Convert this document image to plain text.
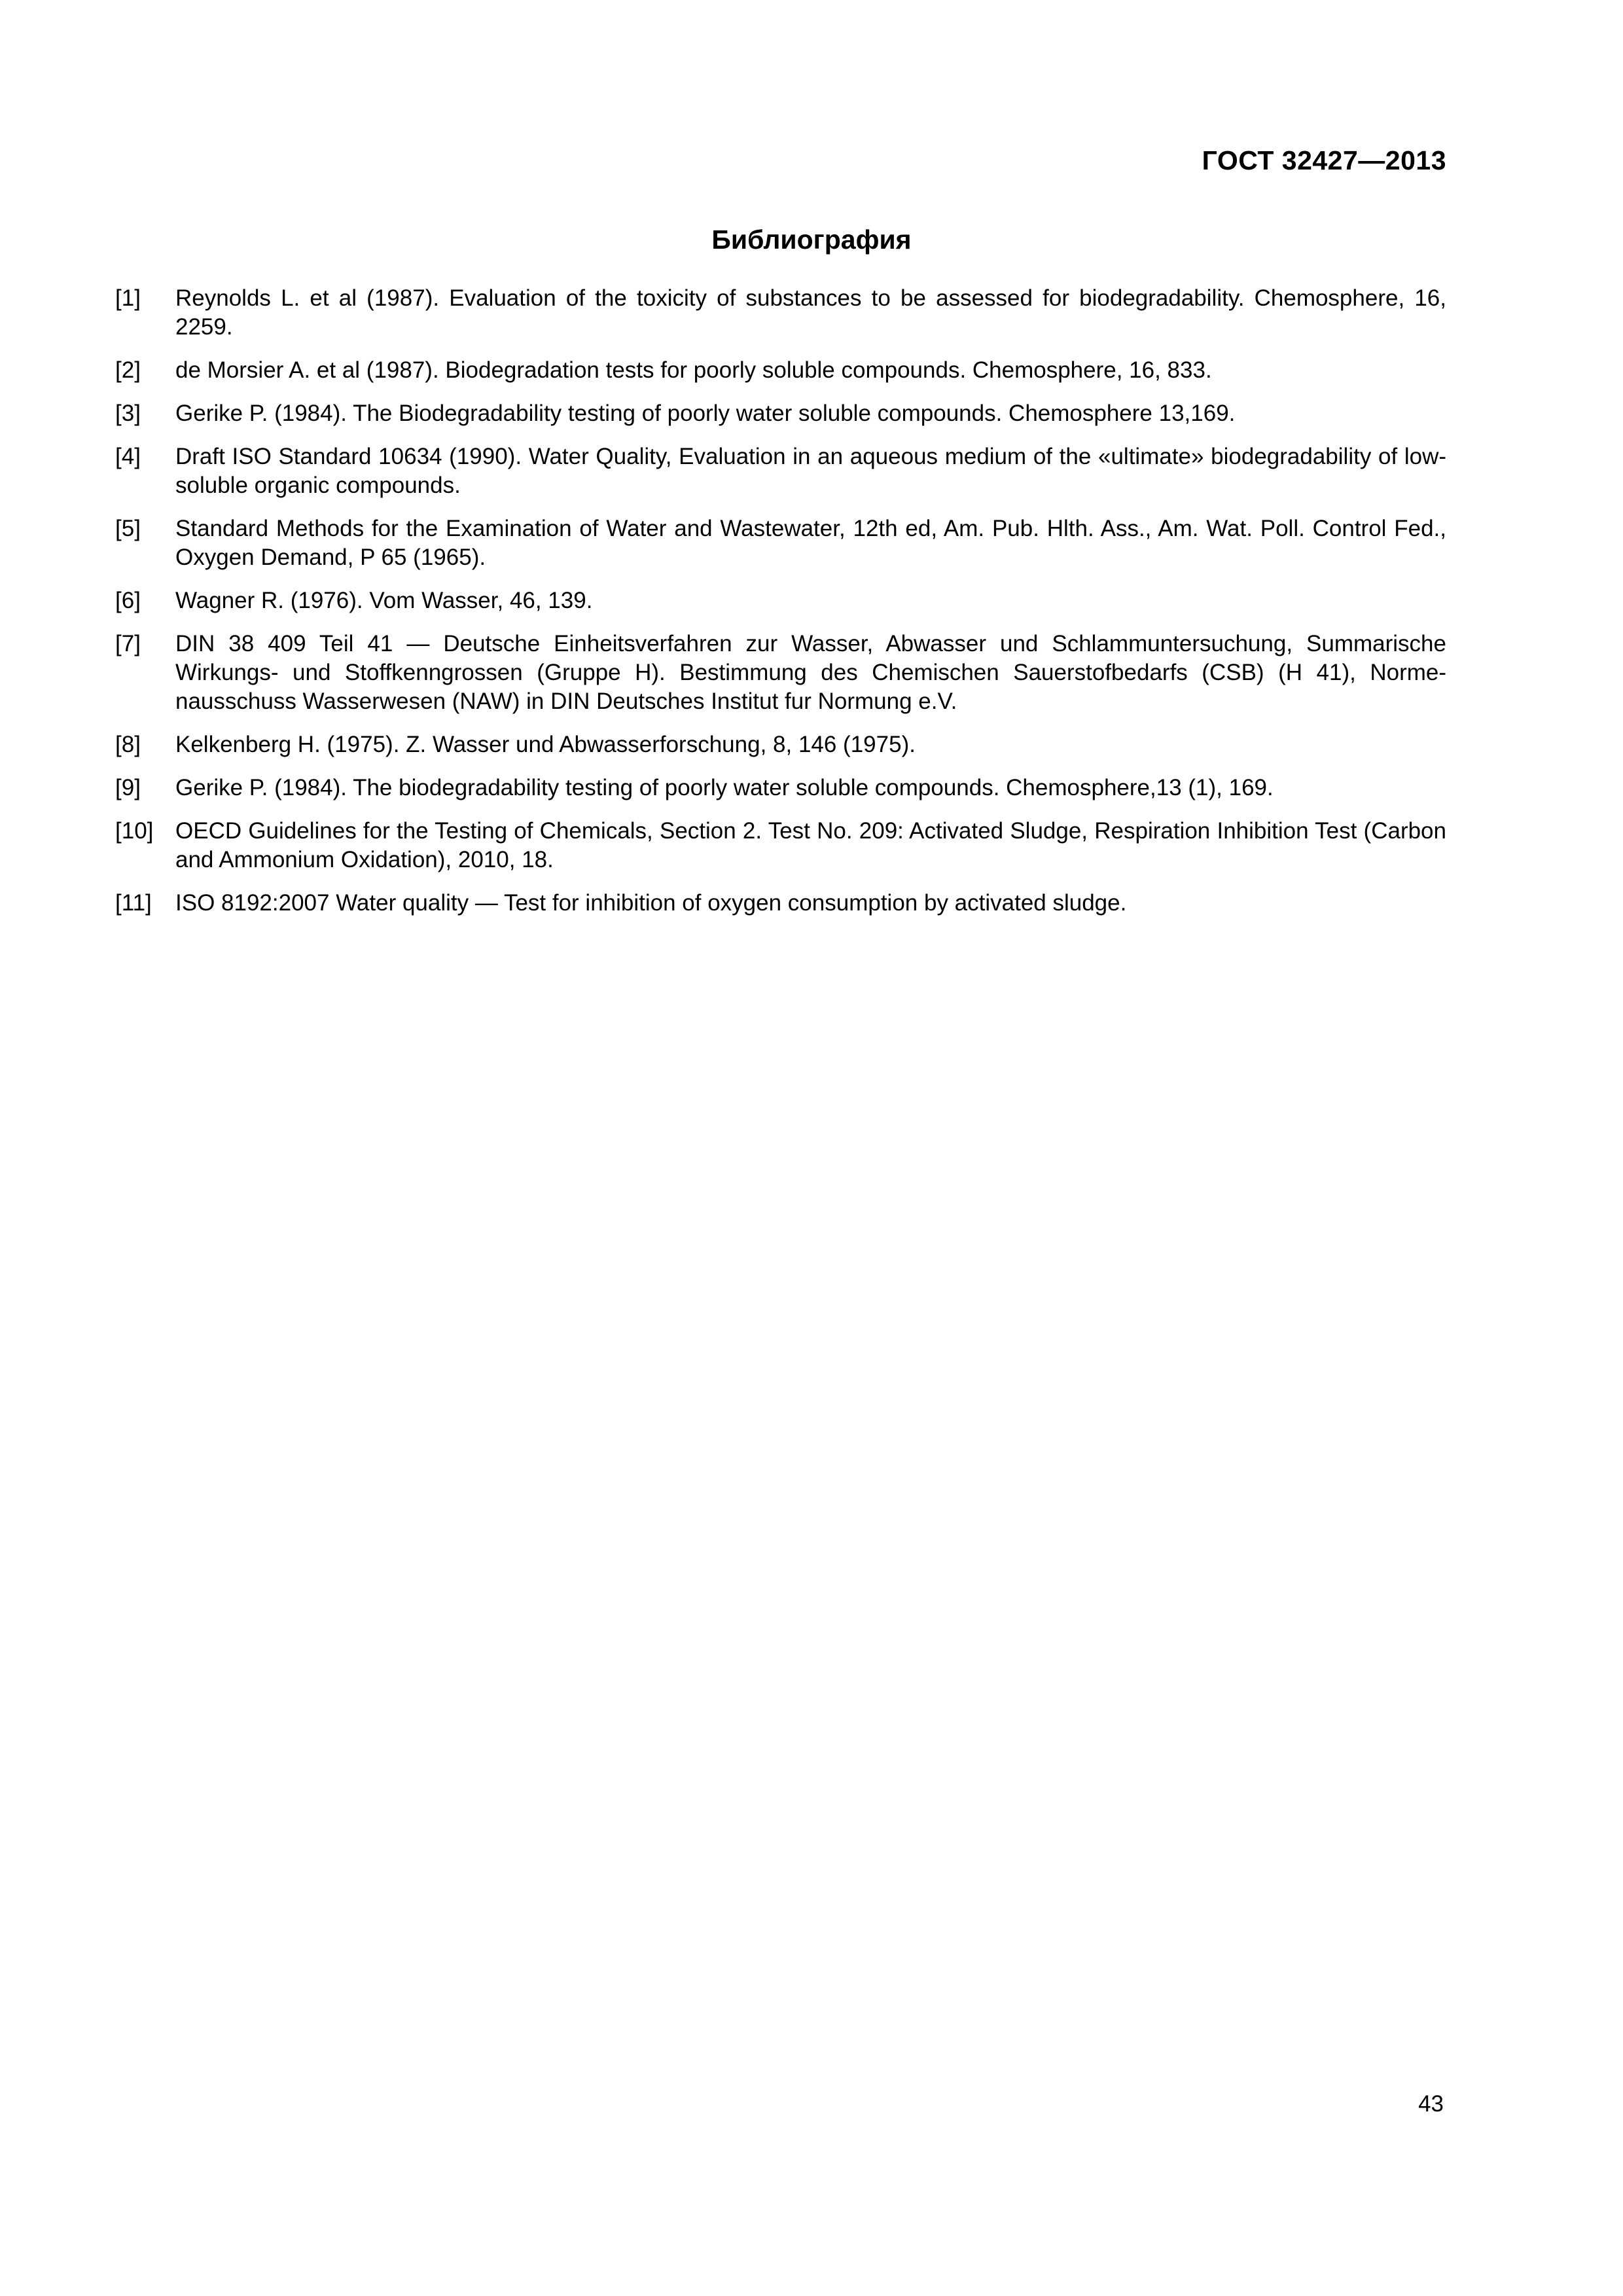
ГОСТ 32427—2013
Библиография
[1]	Reynolds L. et al (1987). Evaluation of the toxicity of substances to be assessed for biodegradability. Chemosphere, 16, 2259.
[2]	de Morsier A. et al (1987). Biodegradation tests for poorly soluble compounds. Chemosphere, 16, 833.
[3]	Gerike P. (1984). The Biodegradability testing of poorly water soluble compounds. Chemosphere 13,169.
[4]	Draft ISO Standard 10634 (1990). Water Quality, Evaluation in an aqueous medium of the «ultimate» biodegradability of low-soluble organic compounds.
[5]	Standard Methods for the Examination of Water and Wastewater, 12th ed, Am. Pub. Hlth. Ass., Am. Wat. Poll. Control Fed., Oxygen Demand, P 65 (1965).
[6]	Wagner R. (1976). Vom Wasser, 46, 139.
[7]	DIN 38 409 Teil 41 — Deutsche Einheitsverfahren zur Wasser, Abwasser und Schlammuntersuchung, Summarische Wirkungs- und Stoffkenngrossen (Gruppe H). Bestimmung des Chemischen Sauerstofbedarfs (CSB) (H 41), Norme-nausschuss Wasserwesen (NAW) in DIN Deutsches Institut fur Normung e.V.
[8]	Kelkenberg H. (1975). Z. Wasser und Abwasserforschung, 8, 146 (1975).
[9]	Gerike P. (1984). The biodegradability testing of poorly water soluble compounds. Chemosphere,13 (1), 169.
[10] OECD Guidelines for the Testing of Chemicals, Section 2. Test No. 209: Activated Sludge, Respiration Inhibition Test (Carbon and Ammonium Oxidation), 2010, 18.
[11]	ISO 8192:2007 Water quality — Test for inhibition of oxygen consumption by activated sludge.
43
